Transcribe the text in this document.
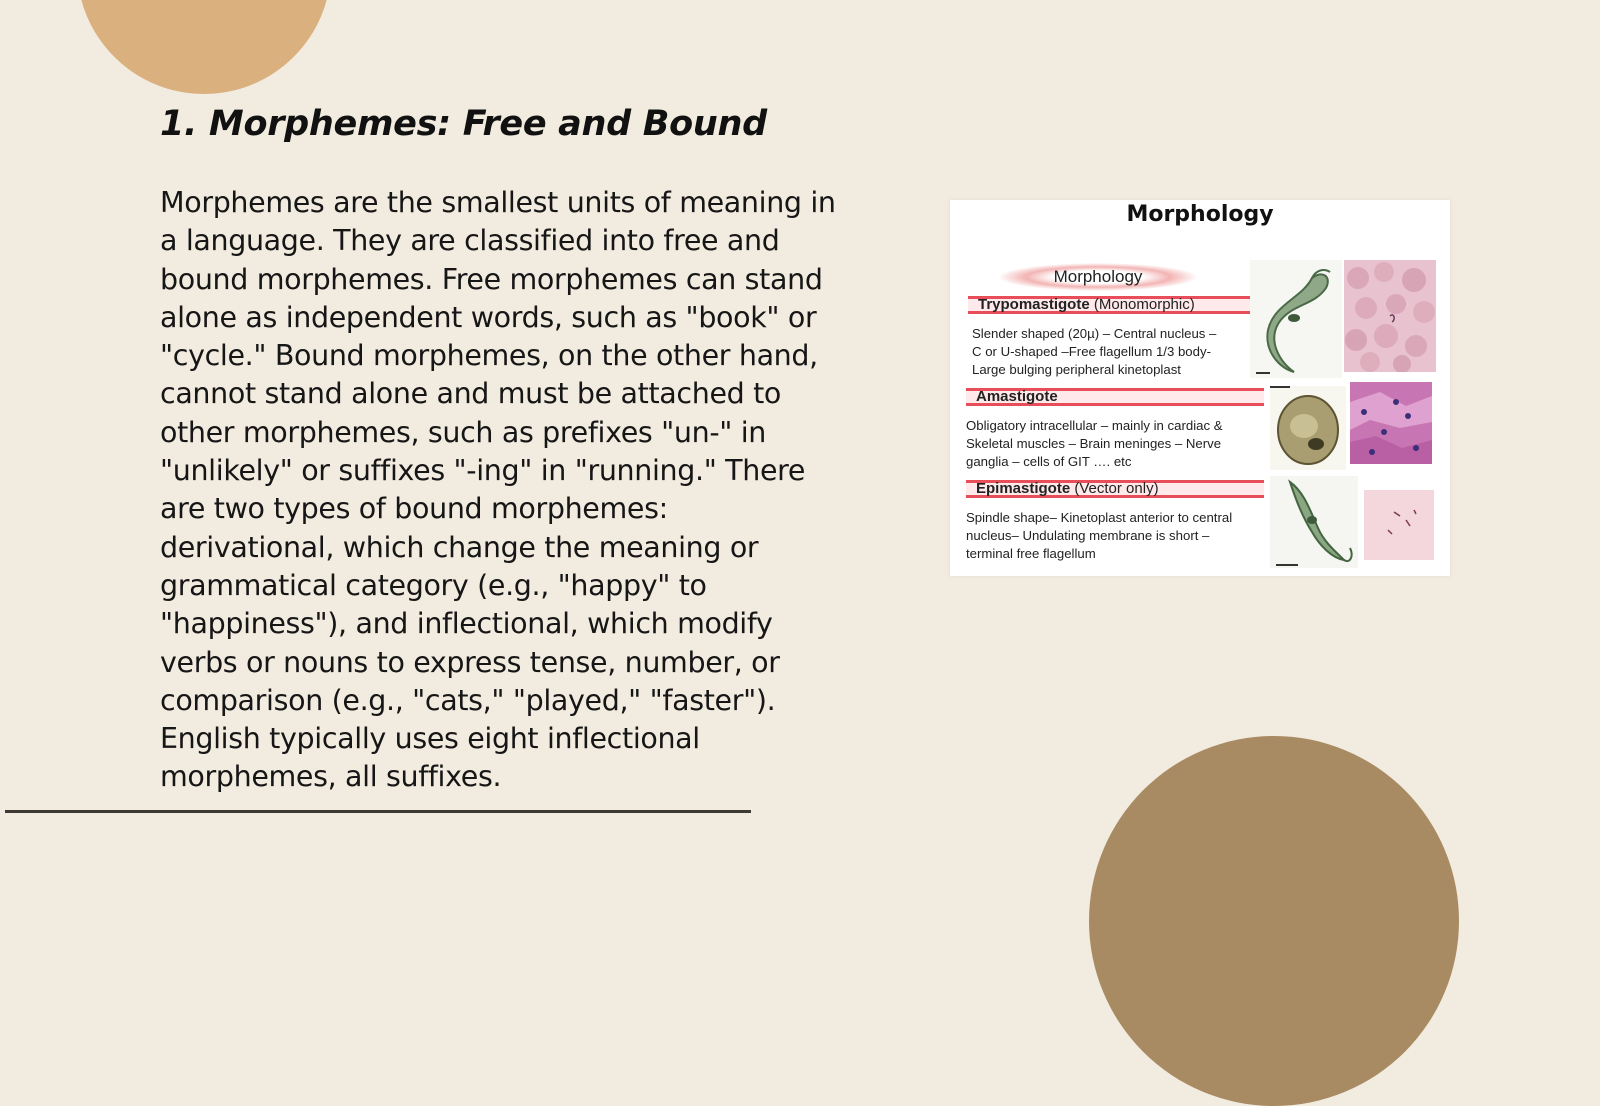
1. Morphemes: Free and Bound

Morphemes are the smallest units of meaning in a language. They are classified into free and bound morphemes. Free morphemes can stand alone as independent words, such as "book" or "cycle." Bound morphemes, on the other hand, cannot stand alone and must be attached to other morphemes, such as prefixes "un-" in "unlikely" or suffixes "-ing" in "running." There are two types of bound morphemes: derivational, which change the meaning or grammatical category (e.g., "happy" to "happiness"), and inflectional, which modify verbs or nouns to express tense, number, or comparison (e.g., "cats," "played," "faster"). English typically uses eight inflectional morphemes, all suffixes.

Morphology
Morphology
Trypomastigote (Monomorphic)
Slender shaped (20µ) – Central nucleus –
C or U-shaped –Free flagellum 1/3 body-
Large bulging peripheral kinetoplast
Amastigote
Obligatory intracellular – mainly in cardiac &
Skeletal muscles – Brain meninges – Nerve
ganglia – cells of GIT …. etc
Epimastigote (Vector only)
Spindle shape– Kinetoplast anterior to central
nucleus– Undulating membrane is short –
terminal free flagellum
